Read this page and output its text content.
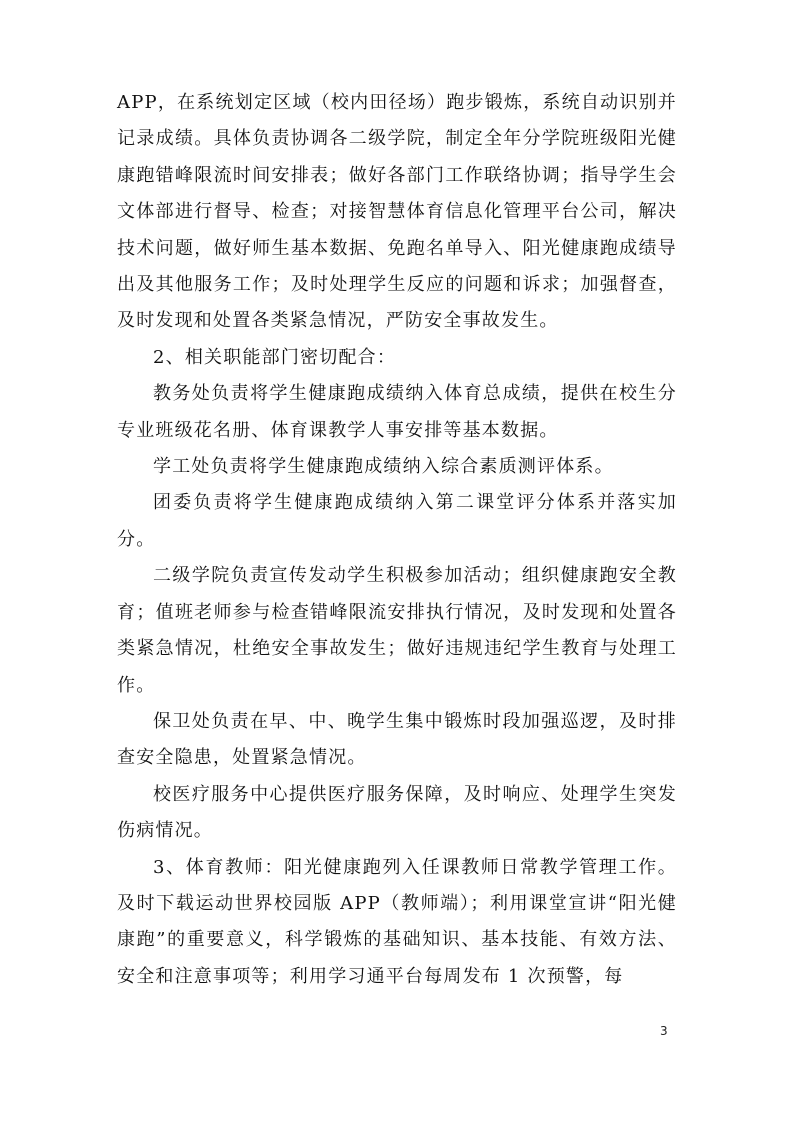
APP，在系统划定区域（校内田径场）跑步锻炼，系统自动识别并记录成绩。具体负责协调各二级学院，制定全年分学院班级阳光健康跑错峰限流时间安排表；做好各部门工作联络协调；指导学生会文体部进行督导、检查；对接智慧体育信息化管理平台公司，解决技术问题，做好师生基本数据、免跑名单导入、阳光健康跑成绩导出及其他服务工作；及时处理学生反应的问题和诉求；加强督查，及时发现和处置各类紧急情况，严防安全事故发生。

2、相关职能部门密切配合：

教务处负责将学生健康跑成绩纳入体育总成绩，提供在校生分专业班级花名册、体育课教学人事安排等基本数据。

学工处负责将学生健康跑成绩纳入综合素质测评体系。

团委负责将学生健康跑成绩纳入第二课堂评分体系并落实加分。

二级学院负责宣传发动学生积极参加活动；组织健康跑安全教育；值班老师参与检查错峰限流安排执行情况，及时发现和处置各类紧急情况，杜绝安全事故发生；做好违规违纪学生教育与处理工作。

保卫处负责在早、中、晚学生集中锻炼时段加强巡逻，及时排查安全隐患，处置紧急情况。

校医疗服务中心提供医疗服务保障，及时响应、处理学生突发伤病情况。

3、体育教师：阳光健康跑列入任课教师日常教学管理工作。及时下载运动世界校园版 APP（教师端）；利用课堂宣讲“阳光健康跑”的重要意义，科学锻炼的基础知识、基本技能、有效方法、安全和注意事项等；利用学习通平台每周发布 1 次预警，每

3
